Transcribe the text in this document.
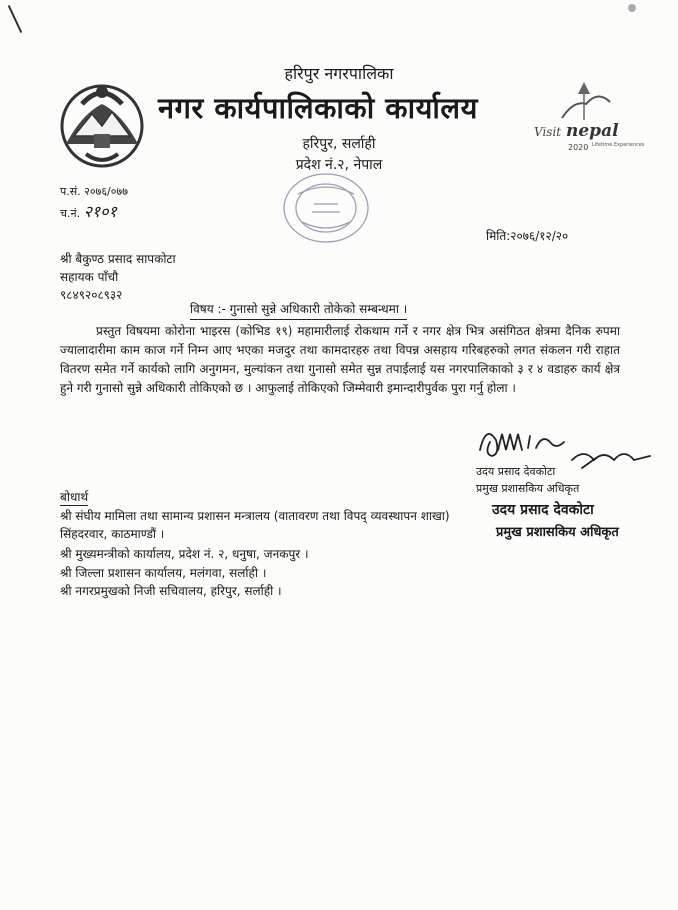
हरिपुर नगरपालिका
नगर कार्यपालिकाको कार्यालय
हरिपुर, सर्लाही
प्रदेश नं.२, नेपाल
Visit nepal
2020 Lifetime Experiences
प.सं. २०७६/०७७
च.नं. २१०१
मिति:२०७६/१२/२०
श्री बैकुण्ठ प्रसाद सापकोटा
सहायक पाँचौ
९८४९२०८९३२
विषय :- गुनासो सुन्ने अधिकारी तोकेको सम्बन्धमा ।
प्रस्तुत विषयमा कोरोना भाइरस (कोभिड १९) महामारीलाई रोकथाम गर्ने र नगर क्षेत्र भित्र असंगिठत क्षेत्रमा दैनिक रुपमा ज्यालादारीमा काम काज गर्ने निम्न आए भएका मजदुर तथा कामदारहरु तथा विपन्न असहाय गरिबहरुको लगत संकलन गरी राहात वितरण समेत गर्ने कार्यको लागि अनुगमन, मुल्यांकन तथा गुनासो समेत सुन्न तपाईलाई यस नगरपालिकाको ३ र ४ वडाहरु कार्य क्षेत्र हुने गरी गुनासो सुन्ने अधिकारी तोकिएको छ । आफुलाई तोकिएको जिम्मेवारी इमान्दारीपुर्वक पुरा गर्नु होला ।
उदय प्रसाद देवकोटा
प्रमुख प्रशासकिय अधिकृत
उदय प्रसाद देवकोटा
प्रमुख प्रशासकिय अधिकृत
बोधार्थ
श्री संघीय मामिला तथा सामान्य प्रशासन मन्त्रालय (वातावरण तथा विपद् व्यवस्थापन शाखा)
सिंहदरवार, काठमाण्डौं ।
श्री मुख्यमन्त्रीको कार्यालय, प्रदेश नं. २, धनुषा, जनकपुर ।
श्री जिल्ला प्रशासन कार्यालय, मलंगवा, सर्लाही ।
श्री नगरप्रमुखको निजी सचिवालय, हरिपुर, सर्लाही ।
